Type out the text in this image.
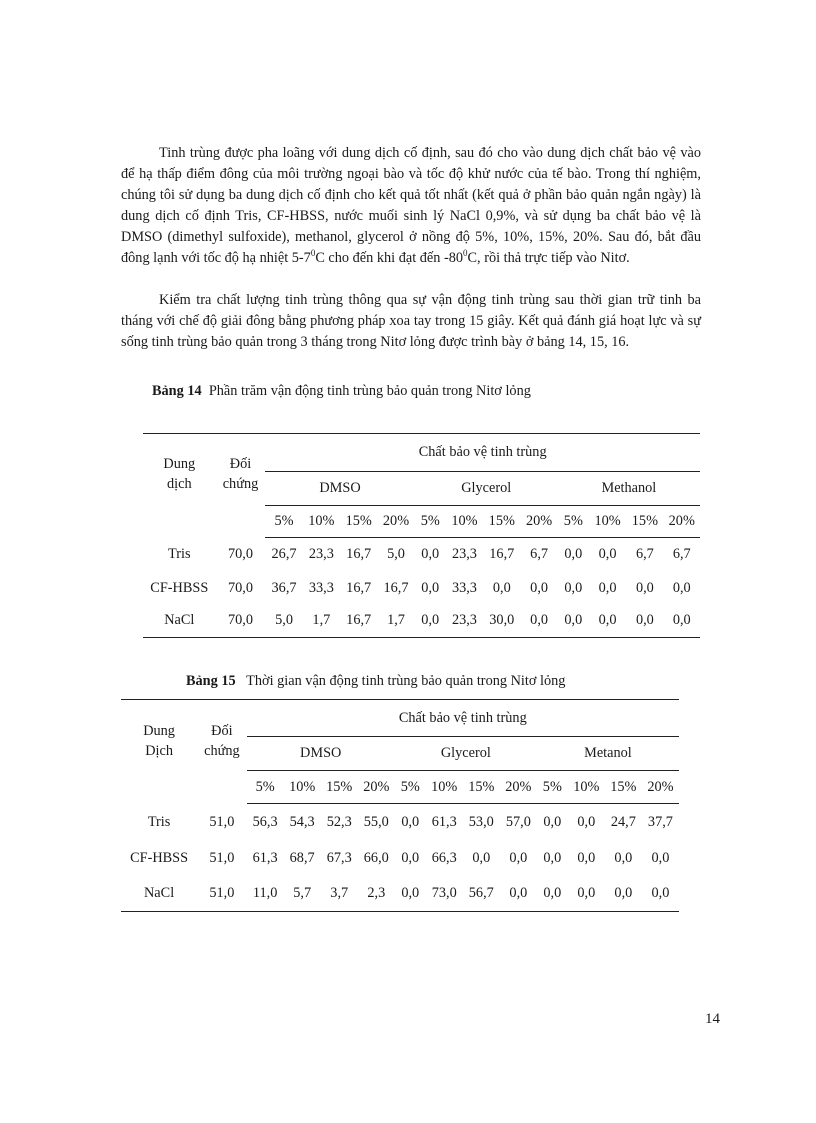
Tinh trùng được pha loãng với dung dịch cố định, sau đó cho vào dung dịch chất bảo vệ vào để hạ thấp điểm đông của môi trường ngoại bào và tốc độ khử nước của tế bào. Trong thí nghiệm, chúng tôi sử dụng ba dung dịch cố định cho kết quả tốt nhất (kết quả ở phần bảo quản ngắn ngày) là dung dịch cố định Tris, CF-HBSS, nước muối sinh lý NaCl 0,9%, và sử dụng ba chất bảo vệ là DMSO (dimethyl sulfoxide), methanol, glycerol ở nồng độ 5%, 10%, 15%, 20%. Sau đó, bắt đầu đông lạnh với tốc độ hạ nhiệt $5-7^0C$ cho đến khi đạt đến $-80^0C$, rồi thả trực tiếp vào Nitơ.

Kiểm tra chất lượng tinh trùng thông qua sự vận động tinh trùng sau thời gian trữ tinh ba tháng với chế độ giải đông bằng phương pháp xoa tay trong 15 giây. Kết quả đánh giá hoạt lực và sự sống tinh trùng bảo quản trong 3 tháng trong Nitơ lỏng được trình bày ở bảng 14, 15, 16.

Bảng 14 Phần trăm vận động tinh trùng bảo quản trong Nitơ lỏng

Dung
dịch	Đối
chứng	Chất bảo vệ tinh trùng											
		DMSO				Glycerol				Methanol			
		5%	10%	15%	20%	5%	10%	15%	20%	5%	10%	15%	20%
Tris	70,0	26,7	23,3	16,7	5,0	0,0	23,3	16,7	6,7	0,0	0,0	6,7	6,7
CF-HBSS	70,0	36,7	33,3	16,7	16,7	0,0	33,3	0,0	0,0	0,0	0,0	0,0	0,0
NaCl	70,0	5,0	1,7	16,7	1,7	0,0	23,3	30,0	0,0	0,0	0,0	0,0	0,0

Bảng 15 Thời gian vận động tinh trùng bảo quản trong Nitơ lỏng

Dung
Dịch	Đối
chứng	Chất bảo vệ tinh trùng											
		DMSO				Glycerol				Metanol			
		5%	10%	15%	20%	5%	10%	15%	20%	5%	10%	15%	20%
Tris	51,0	56,3	54,3	52,3	55,0	0,0	61,3	53,0	57,0	0,0	0,0	24,7	37,7
CF-HBSS	51,0	61,3	68,7	67,3	66,0	0,0	66,3	0,0	0,0	0,0	0,0	0,0	0,0
NaCl	51,0	11,0	5,7	3,7	2,3	0,0	73,0	56,7	0,0	0,0	0,0	0,0	0,0

14
